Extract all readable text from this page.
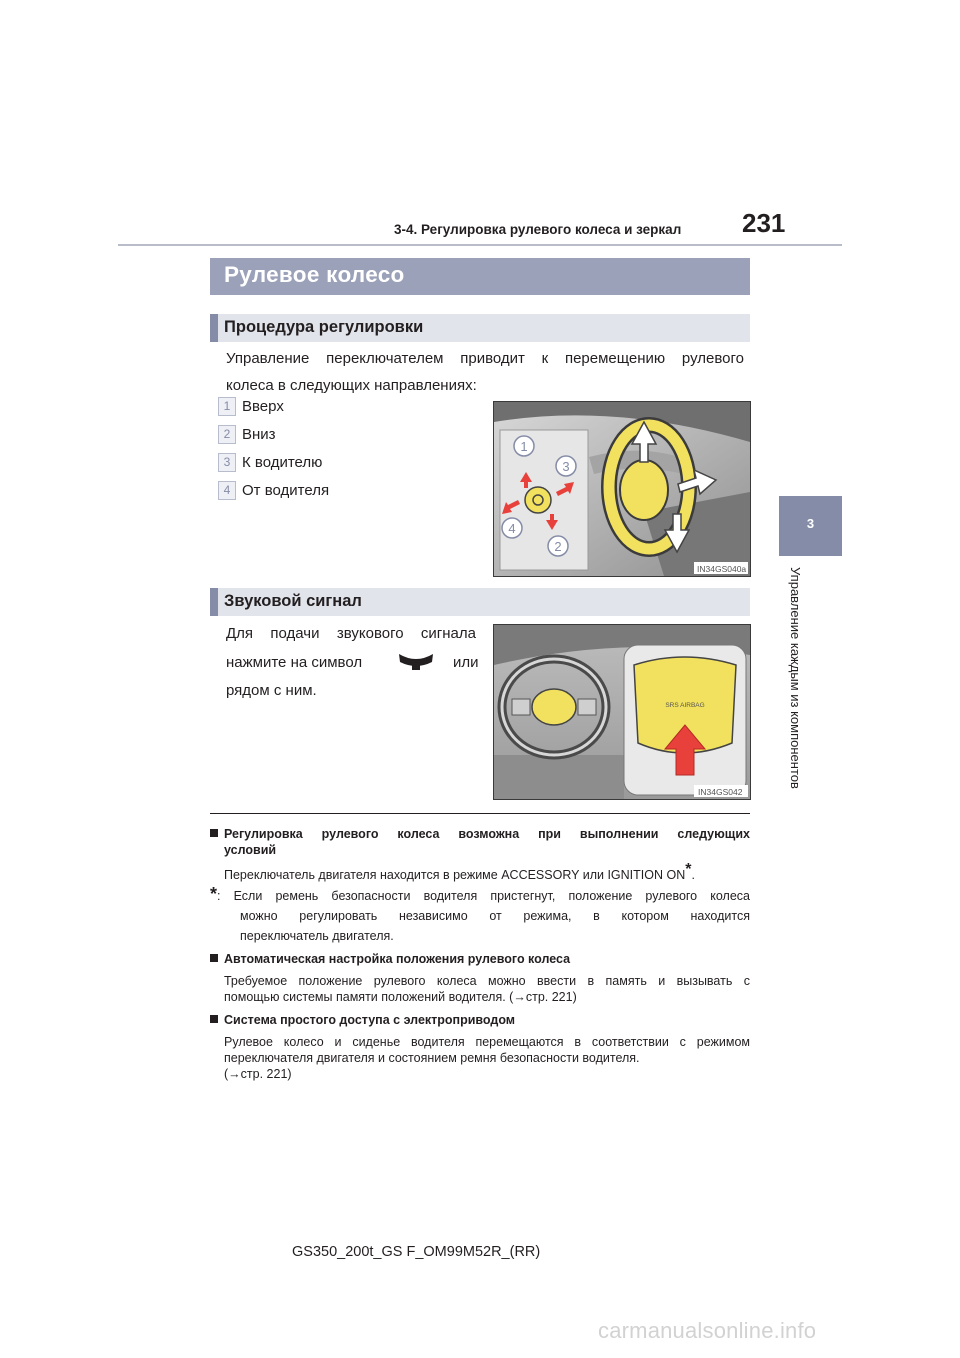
3-4. Регулировка рулевого колеса и зеркал 231
3
Управление каждым из компонентов
Рулевое колесо
Процедура регулировки
Управление переключателем приводит к перемещению рулевого
колеса в следующих направлениях:
1 Вверх
2 Вниз
3 К водителю
4 От водителя
1
2
3
4
IN34GS040a
Звуковой сигнал
Для подачи звукового сигнала
нажмите на символ	или
рядом с ним.
SRS AIRBAG
IN34GS042
Регулировка рулевого колеса возможна при выполнении следующих
условий
Переключатель двигателя находится в режиме ACCESSORY или IGNITION ON*.
*: Если ремень безопасности водителя пристегнут, положение рулевого колеса
можно регулировать независимо от режима, в котором находится
переключатель двигателя.
Автоматическая настройка положения рулевого колеса
Требуемое положение рулевого колеса можно ввести в память и вызывать с
помощью системы памяти положений водителя. (→стр. 221)
Система простого доступа с электроприводом
Рулевое колесо и сиденье водителя перемещаются в соответствии с режимом
переключателя двигателя и состоянием ремня безопасности водителя.
(→стр. 221)
GS350_200t_GS F_OM99M52R_(RR)
carmanualsonline.info
